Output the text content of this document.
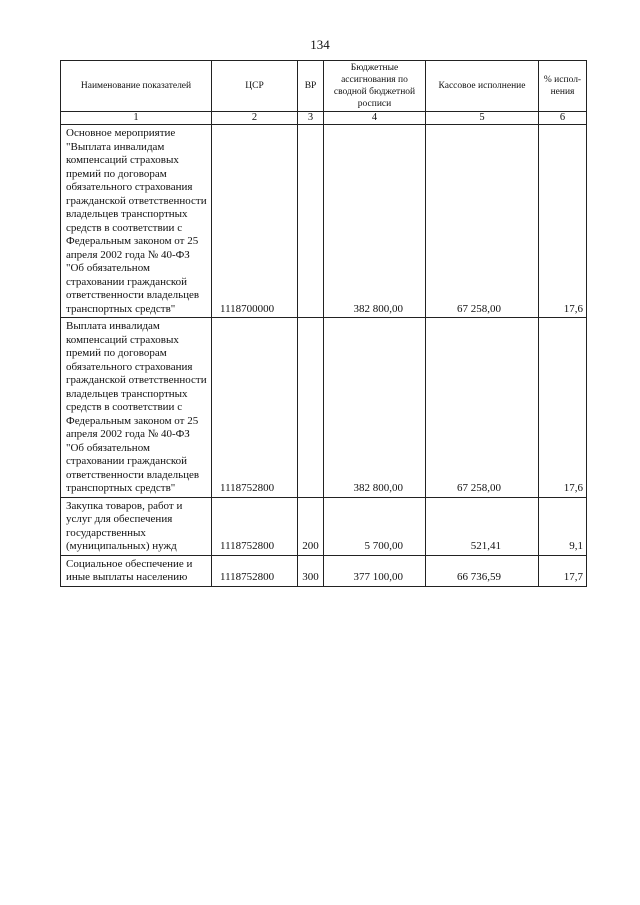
134
Наименование показателей	ЦСР	ВР	Бюджетные ассигнования по сводной бюджетной росписи	Кассовое исполнение	% испол-нения
1	2	3	4	5	6
Основное мероприятие "Выплата инвалидам компенсаций страховых премий по договорам обязательного страхования гражданской ответственности владельцев транспортных средств в соответствии с Федеральным законом от 25 апреля 2002 года № 40-ФЗ "Об обязательном страховании гражданской ответственности владельцев транспортных средств"	1118700000		382 800,00	67 258,00	17,6
Выплата инвалидам компенсаций страховых премий по договорам обязательного страхования гражданской ответственности владельцев транспортных средств в соответствии с Федеральным законом от 25 апреля 2002 года № 40-ФЗ "Об обязательном страховании гражданской ответственности владельцев транспортных средств"	1118752800		382 800,00	67 258,00	17,6
Закупка товаров, работ и услуг для обеспечения государственных (муниципальных) нужд	1118752800	200	5 700,00	521,41	9,1
Социальное обеспечение и иные выплаты населению	1118752800	300	377 100,00	66 736,59	17,7
